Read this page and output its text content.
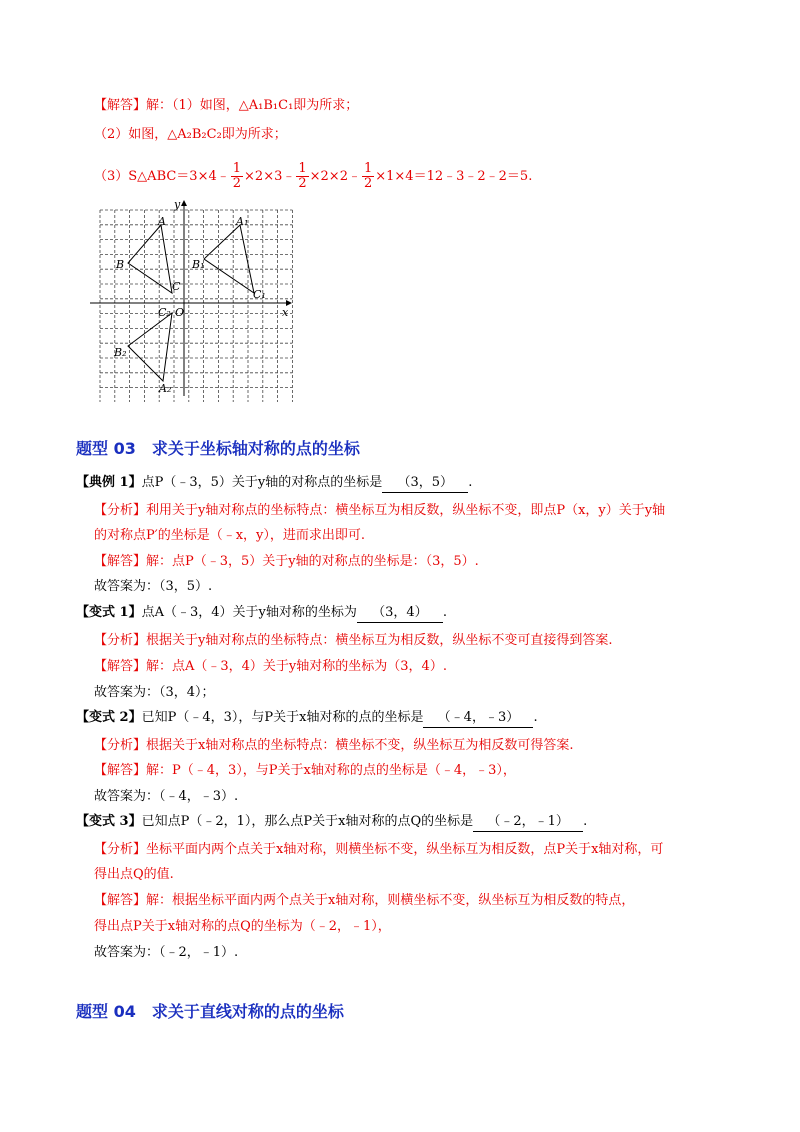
【解答】解：（1）如图，△A₁B₁C₁即为所求；
（2）如图，△A₂B₂C₂即为所求；
（3）S△ABC＝3×4﹣ $\frac{1}{2}$ ×2×3﹣ $\frac{1}{2}$ ×2×2﹣ $\frac{1}{2}$ ×1×4＝12﹣3﹣2﹣2＝5.
y
x
O
A
B
C
A₁
B₁
C₁
A₂
B₂
C₂
题型 03　求关于坐标轴对称的点的坐标
【典例 1】点P（﹣3，5）关于y轴的对称点的坐标是 （3，5） .
【分析】利用关于y轴对称点的坐标特点：横坐标互为相反数，纵坐标不变，即点P（x，y）关于y轴
的对称点P′的坐标是（﹣x，y），进而求出即可.
【解答】解：点P（﹣3，5）关于y轴的对称点的坐标是：（3，5）.
故答案为：（3，5）.
【变式 1】点A（﹣3，4）关于y轴对称的坐标为 （3，4） .
【分析】根据关于y轴对称点的坐标特点：横坐标互为相反数，纵坐标不变可直接得到答案.
【解答】解：点A（﹣3，4）关于y轴对称的坐标为（3，4）.
故答案为：（3，4）；
【变式 2】已知P（﹣4，3），与P关于x轴对称的点的坐标是 （﹣4，﹣3） .
【分析】根据关于x轴对称点的坐标特点：横坐标不变，纵坐标互为相反数可得答案.
【解答】解：P（﹣4，3），与P关于x轴对称的点的坐标是（﹣4，﹣3），
故答案为：（﹣4，﹣3）.
【变式 3】已知点P（﹣2，1），那么点P关于x轴对称的点Q的坐标是 （﹣2，﹣1） .
【分析】坐标平面内两个点关于x轴对称，则横坐标不变，纵坐标互为相反数，点P关于x轴对称，可
得出点Q的值.
【解答】解：根据坐标平面内两个点关于x轴对称，则横坐标不变，纵坐标互为相反数的特点，
得出点P关于x轴对称的点Q的坐标为（﹣2，﹣1），
故答案为：（﹣2，﹣1）.
题型 04　求关于直线对称的点的坐标
